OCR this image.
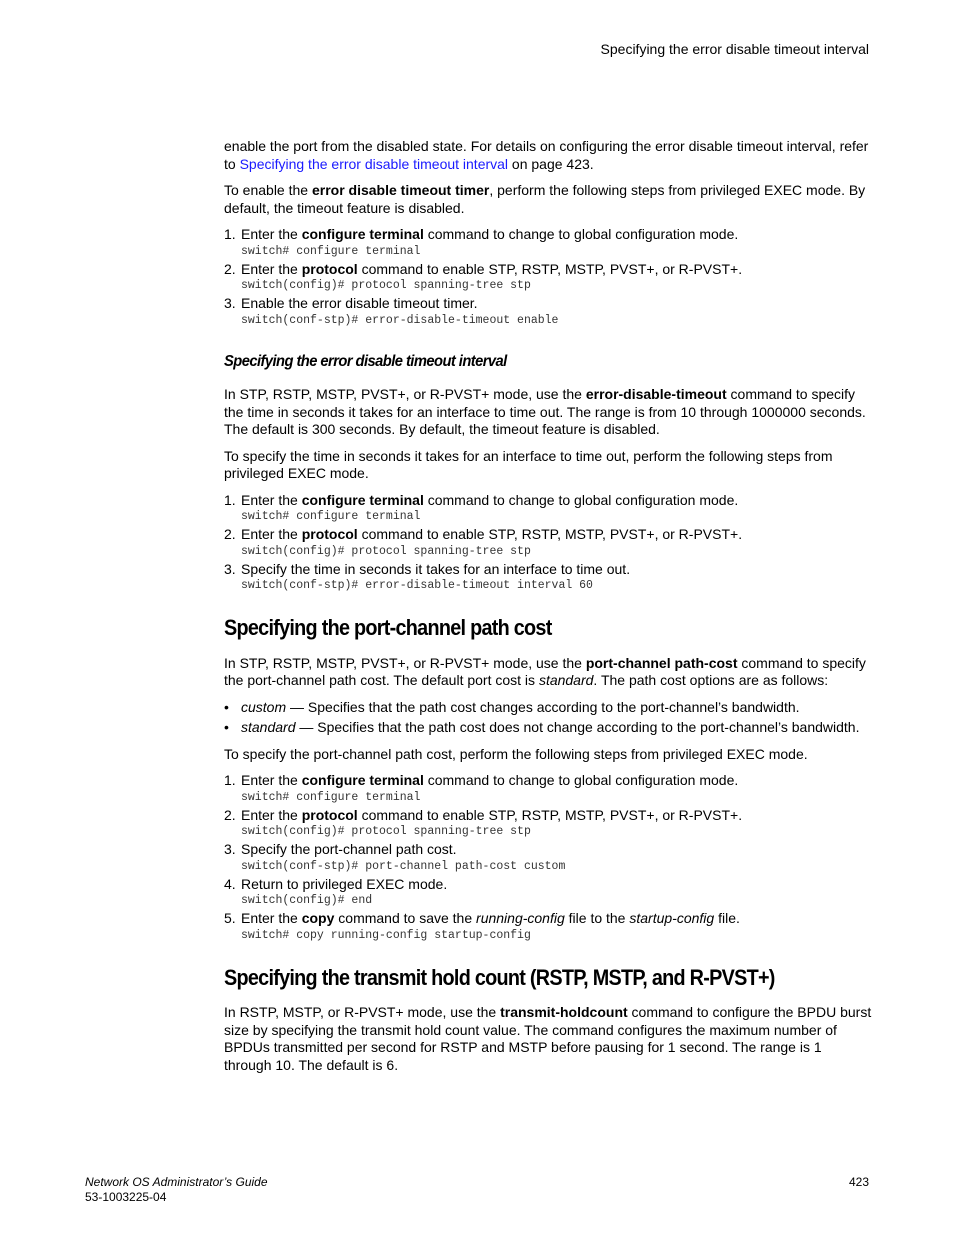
Specifying the error disable timeout interval

enable the port from the disabled state. For details on configuring the error disable timeout interval, refer to Specifying the error disable timeout interval on page 423.

To enable the error disable timeout timer, perform the following steps from privileged EXEC mode. By default, the timeout feature is disabled.

1. Enter the configure terminal command to change to global configuration mode.
switch# configure terminal
2. Enter the protocol command to enable STP, RSTP, MSTP, PVST+, or R-PVST+.
switch(config)# protocol spanning-tree stp
3. Enable the error disable timeout timer.
switch(conf-stp)# error-disable-timeout enable
Specifying the error disable timeout interval

In STP, RSTP, MSTP, PVST+, or R-PVST+ mode, use the error-disable-timeout command to specify the time in seconds it takes for an interface to time out. The range is from 10 through 1000000 seconds. The default is 300 seconds. By default, the timeout feature is disabled.

To specify the time in seconds it takes for an interface to time out, perform the following steps from privileged EXEC mode.

1. Enter the configure terminal command to change to global configuration mode.
switch# configure terminal
2. Enter the protocol command to enable STP, RSTP, MSTP, PVST+, or R-PVST+.
switch(config)# protocol spanning-tree stp
3. Specify the time in seconds it takes for an interface to time out.
switch(conf-stp)# error-disable-timeout interval 60
Specifying the port-channel path cost

In STP, RSTP, MSTP, PVST+, or R-PVST+ mode, use the port-channel path-cost command to specify the port-channel path cost. The default port cost is standard. The path cost options are as follows:

• custom — Specifies that the path cost changes according to the port-channel’s bandwidth.
• standard — Specifies that the path cost does not change according to the port-channel’s bandwidth.

To specify the port-channel path cost, perform the following steps from privileged EXEC mode.

1. Enter the configure terminal command to change to global configuration mode.
switch# configure terminal
2. Enter the protocol command to enable STP, RSTP, MSTP, PVST+, or R-PVST+.
switch(config)# protocol spanning-tree stp
3. Specify the port-channel path cost.
switch(conf-stp)# port-channel path-cost custom
4. Return to privileged EXEC mode.
switch(config)# end
5. Enter the copy command to save the running-config file to the startup-config file.
switch# copy running-config startup-config
Specifying the transmit hold count (RSTP, MSTP, and R-PVST+)

In RSTP, MSTP, or R-PVST+ mode, use the transmit-holdcount command to configure the BPDU burst size by specifying the transmit hold count value. The command configures the maximum number of BPDUs transmitted per second for RSTP and MSTP before pausing for 1 second. The range is 1 through 10. The default is 6.

Network OS Administrator’s Guide
53-1003225-04
423
